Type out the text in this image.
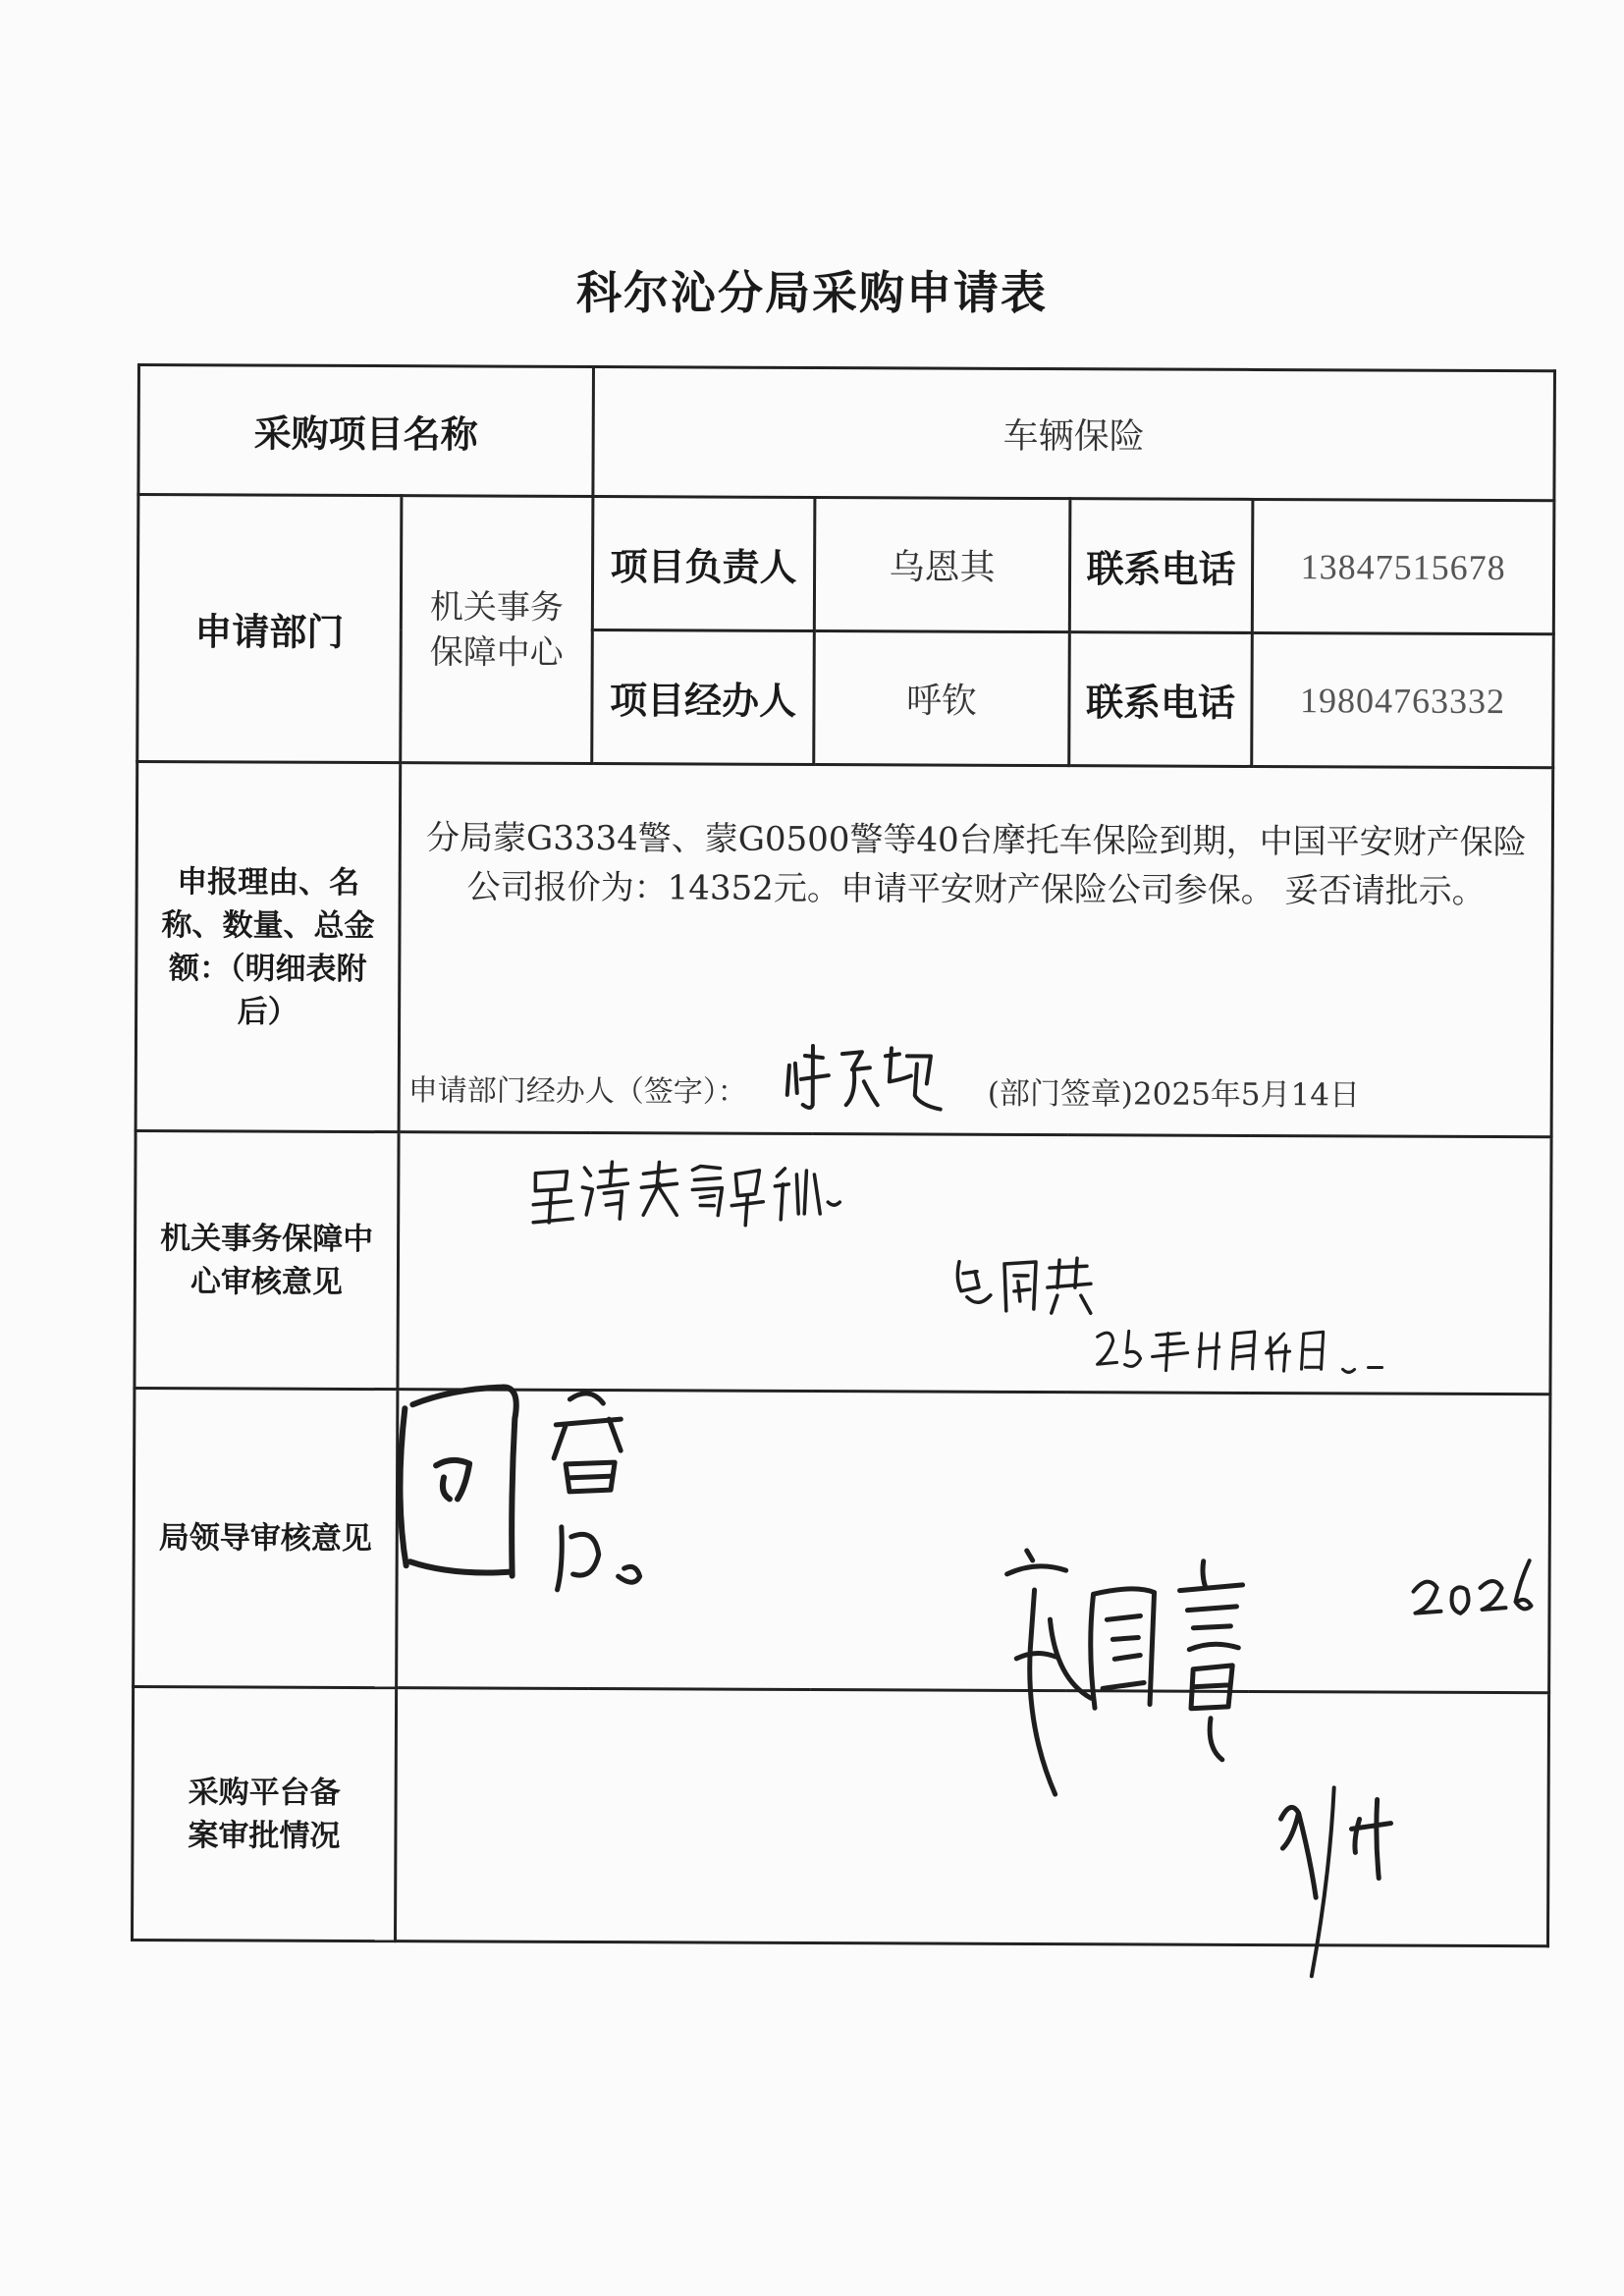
科尔沁分局采购申请表
采购项目名称		车辆保险			
申请部门	机关事务保障中心	项目负责人	乌恩其	联系电话	13847515678
		项目经办人	呼钦	联系电话	19804763332
申报理由、名称、数量、总金额：（明细表附后）	分局蒙G3334警、蒙G0500警等40台摩托车保险到期，中国平安财产保险公司报价为：14352元。申请平安财产保险公司参保。 妥否请批示。
申请部门经办人（签字）： (部门签章)2025年5月14日				

机关事务保障中心审核意见	

局领导审核意见	

采购平台备案审批情况	
